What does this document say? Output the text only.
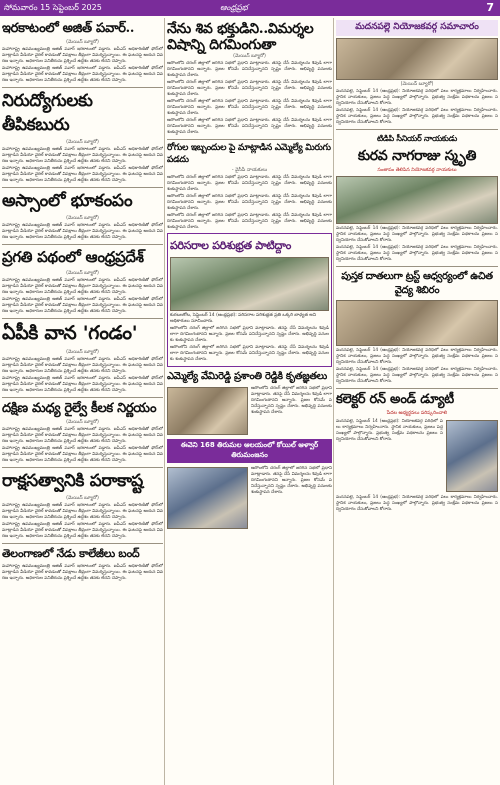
సోమవారం 15 సెప్టెంబర్ 2025	ఆంధ్రప్రభ	7
ఇరకాటంలో అజిత్ పవార్..
(మెయిన్ బ్యూరో)

మహారాష్ట్ర ఉపముఖ్యమంత్రి అజిత్ పవార్ ఇరకాటంలో పడ్డారు. ఐపీఎస్ అధికారిణితో ఫోన్‌లో మాట్లాడిన వీడియో వైరల్ కావడంతో విపక్షాలు తీవ్రంగా విమర్శిస్తున్నాయి. ఈ ఘటనపై ఆయన వివరణ ఇచ్చారు. అధికారుల పనితీరును ప్రశ్నించే ఉద్దేశం తనకు లేదని చెప్పారు.

మహారాష్ట్ర ఉపముఖ్యమంత్రి అజిత్ పవార్ ఇరకాటంలో పడ్డారు. ఐపీఎస్ అధికారిణితో ఫోన్‌లో మాట్లాడిన వీడియో వైరల్ కావడంతో విపక్షాలు తీవ్రంగా విమర్శిస్తున్నాయి. ఈ ఘటనపై ఆయన వివరణ ఇచ్చారు. అధికారుల పనితీరును ప్రశ్నించే ఉద్దేశం తనకు లేదని చెప్పారు.

నిరుద్యోగులకు తీపికబురు
(మెయిన్ బ్యూరో)

మహారాష్ట్ర ఉపముఖ్యమంత్రి అజిత్ పవార్ ఇరకాటంలో పడ్డారు. ఐపీఎస్ అధికారిణితో ఫోన్‌లో మాట్లాడిన వీడియో వైరల్ కావడంతో విపక్షాలు తీవ్రంగా విమర్శిస్తున్నాయి. ఈ ఘటనపై ఆయన వివరణ ఇచ్చారు. అధికారుల పనితీరును ప్రశ్నించే ఉద్దేశం తనకు లేదని చెప్పారు.

మహారాష్ట్ర ఉపముఖ్యమంత్రి అజిత్ పవార్ ఇరకాటంలో పడ్డారు. ఐపీఎస్ అధికారిణితో ఫోన్‌లో మాట్లాడిన వీడియో వైరల్ కావడంతో విపక్షాలు తీవ్రంగా విమర్శిస్తున్నాయి. ఈ ఘటనపై ఆయన వివరణ ఇచ్చారు. అధికారుల పనితీరును ప్రశ్నించే ఉద్దేశం తనకు లేదని చెప్పారు.

అస్సాంలో భూకంపం
(మెయిన్ బ్యూరో)

మహారాష్ట్ర ఉపముఖ్యమంత్రి అజిత్ పవార్ ఇరకాటంలో పడ్డారు. ఐపీఎస్ అధికారిణితో ఫోన్‌లో మాట్లాడిన వీడియో వైరల్ కావడంతో విపక్షాలు తీవ్రంగా విమర్శిస్తున్నాయి. ఈ ఘటనపై ఆయన వివరణ ఇచ్చారు. అధికారుల పనితీరును ప్రశ్నించే ఉద్దేశం తనకు లేదని చెప్పారు.

ప్రగతి పథంలో ఆంధ్రప్రదేశ్
(మెయిన్ బ్యూరో)

మహారాష్ట్ర ఉపముఖ్యమంత్రి అజిత్ పవార్ ఇరకాటంలో పడ్డారు. ఐపీఎస్ అధికారిణితో ఫోన్‌లో మాట్లాడిన వీడియో వైరల్ కావడంతో విపక్షాలు తీవ్రంగా విమర్శిస్తున్నాయి. ఈ ఘటనపై ఆయన వివరణ ఇచ్చారు. అధికారుల పనితీరును ప్రశ్నించే ఉద్దేశం తనకు లేదని చెప్పారు.

మహారాష్ట్ర ఉపముఖ్యమంత్రి అజిత్ పవార్ ఇరకాటంలో పడ్డారు. ఐపీఎస్ అధికారిణితో ఫోన్‌లో మాట్లాడిన వీడియో వైరల్ కావడంతో విపక్షాలు తీవ్రంగా విమర్శిస్తున్నాయి. ఈ ఘటనపై ఆయన వివరణ ఇచ్చారు. అధికారుల పనితీరును ప్రశ్నించే ఉద్దేశం తనకు లేదని చెప్పారు.

ఏపీకి వాన 'గండం'
(మెయిన్ బ్యూరో)

మహారాష్ట్ర ఉపముఖ్యమంత్రి అజిత్ పవార్ ఇరకాటంలో పడ్డారు. ఐపీఎస్ అధికారిణితో ఫోన్‌లో మాట్లాడిన వీడియో వైరల్ కావడంతో విపక్షాలు తీవ్రంగా విమర్శిస్తున్నాయి. ఈ ఘటనపై ఆయన వివరణ ఇచ్చారు. అధికారుల పనితీరును ప్రశ్నించే ఉద్దేశం తనకు లేదని చెప్పారు.

మహారాష్ట్ర ఉపముఖ్యమంత్రి అజిత్ పవార్ ఇరకాటంలో పడ్డారు. ఐపీఎస్ అధికారిణితో ఫోన్‌లో మాట్లాడిన వీడియో వైరల్ కావడంతో విపక్షాలు తీవ్రంగా విమర్శిస్తున్నాయి. ఈ ఘటనపై ఆయన వివరణ ఇచ్చారు. అధికారుల పనితీరును ప్రశ్నించే ఉద్దేశం తనకు లేదని చెప్పారు.

దక్షిణ మధ్య రైల్వే కీలక నిర్ణయం
(మెయిన్ బ్యూరో)

మహారాష్ట్ర ఉపముఖ్యమంత్రి అజిత్ పవార్ ఇరకాటంలో పడ్డారు. ఐపీఎస్ అధికారిణితో ఫోన్‌లో మాట్లాడిన వీడియో వైరల్ కావడంతో విపక్షాలు తీవ్రంగా విమర్శిస్తున్నాయి. ఈ ఘటనపై ఆయన వివరణ ఇచ్చారు. అధికారుల పనితీరును ప్రశ్నించే ఉద్దేశం తనకు లేదని చెప్పారు.

మహారాష్ట్ర ఉపముఖ్యమంత్రి అజిత్ పవార్ ఇరకాటంలో పడ్డారు. ఐపీఎస్ అధికారిణితో ఫోన్‌లో మాట్లాడిన వీడియో వైరల్ కావడంతో విపక్షాలు తీవ్రంగా విమర్శిస్తున్నాయి. ఈ ఘటనపై ఆయన వివరణ ఇచ్చారు. అధికారుల పనితీరును ప్రశ్నించే ఉద్దేశం తనకు లేదని చెప్పారు.

రాక్షసత్వానికి పరాకాష్ట
(మెయిన్ బ్యూరో)

మహారాష్ట్ర ఉపముఖ్యమంత్రి అజిత్ పవార్ ఇరకాటంలో పడ్డారు. ఐపీఎస్ అధికారిణితో ఫోన్‌లో మాట్లాడిన వీడియో వైరల్ కావడంతో విపక్షాలు తీవ్రంగా విమర్శిస్తున్నాయి. ఈ ఘటనపై ఆయన వివరణ ఇచ్చారు. అధికారుల పనితీరును ప్రశ్నించే ఉద్దేశం తనకు లేదని చెప్పారు.

మహారాష్ట్ర ఉపముఖ్యమంత్రి అజిత్ పవార్ ఇరకాటంలో పడ్డారు. ఐపీఎస్ అధికారిణితో ఫోన్‌లో మాట్లాడిన వీడియో వైరల్ కావడంతో విపక్షాలు తీవ్రంగా విమర్శిస్తున్నాయి. ఈ ఘటనపై ఆయన వివరణ ఇచ్చారు. అధికారుల పనితీరును ప్రశ్నించే ఉద్దేశం తనకు లేదని చెప్పారు.

తెలంగాణలో నేడు కాలేజీలు బంద్

మహారాష్ట్ర ఉపముఖ్యమంత్రి అజిత్ పవార్ ఇరకాటంలో పడ్డారు. ఐపీఎస్ అధికారిణితో ఫోన్‌లో మాట్లాడిన వీడియో వైరల్ కావడంతో విపక్షాలు తీవ్రంగా విమర్శిస్తున్నాయి. ఈ ఘటనపై ఆయన వివరణ ఇచ్చారు. అధికారుల పనితీరును ప్రశ్నించే ఉద్దేశం తనకు లేదని చెప్పారు.

నేను శివ భక్తుడిని..విమర్శల విషాన్ని దిగమింగుతా
(మెయిన్ బ్యూరో)

అసోంలోని దరంగ్ జిల్లాలో జరిగిన సభలో ప్రధాని మాట్లాడారు. తనపై చేసే విమర్శలను శివుడి లాగా దిగమింగుతానని అన్నారు. ప్రజల కోసమే పనిచేస్తున్నానని స్పష్టం చేశారు. అభివృద్ధి పనులకు శంకుస్థాపన చేశారు.

అసోంలోని దరంగ్ జిల్లాలో జరిగిన సభలో ప్రధాని మాట్లాడారు. తనపై చేసే విమర్శలను శివుడి లాగా దిగమింగుతానని అన్నారు. ప్రజల కోసమే పనిచేస్తున్నానని స్పష్టం చేశారు. అభివృద్ధి పనులకు శంకుస్థాపన చేశారు.

అసోంలోని దరంగ్ జిల్లాలో జరిగిన సభలో ప్రధాని మాట్లాడారు. తనపై చేసే విమర్శలను శివుడి లాగా దిగమింగుతానని అన్నారు. ప్రజల కోసమే పనిచేస్తున్నానని స్పష్టం చేశారు. అభివృద్ధి పనులకు శంకుస్థాపన చేశారు.

అసోంలోని దరంగ్ జిల్లాలో జరిగిన సభలో ప్రధాని మాట్లాడారు. తనపై చేసే విమర్శలను శివుడి లాగా దిగమింగుతానని అన్నారు. ప్రజల కోసమే పనిచేస్తున్నానని స్పష్టం చేశారు. అభివృద్ధి పనులకు శంకుస్థాపన చేశారు.

రోగుల ఇబ్బందుల పై మాట్లాడిన ఎమ్మెల్యే మిరుగు పడదు
- వైసీపీ నాయకులు

అసోంలోని దరంగ్ జిల్లాలో జరిగిన సభలో ప్రధాని మాట్లాడారు. తనపై చేసే విమర్శలను శివుడి లాగా దిగమింగుతానని అన్నారు. ప్రజల కోసమే పనిచేస్తున్నానని స్పష్టం చేశారు. అభివృద్ధి పనులకు శంకుస్థాపన చేశారు.

అసోంలోని దరంగ్ జిల్లాలో జరిగిన సభలో ప్రధాని మాట్లాడారు. తనపై చేసే విమర్శలను శివుడి లాగా దిగమింగుతానని అన్నారు. ప్రజల కోసమే పనిచేస్తున్నానని స్పష్టం చేశారు. అభివృద్ధి పనులకు శంకుస్థాపన చేశారు.

అసోంలోని దరంగ్ జిల్లాలో జరిగిన సభలో ప్రధాని మాట్లాడారు. తనపై చేసే విమర్శలను శివుడి లాగా దిగమింగుతానని అన్నారు. ప్రజల కోసమే పనిచేస్తున్నానని స్పష్టం చేశారు. అభివృద్ధి పనులకు శంకుస్థాపన చేశారు.

పరిసరాల పరిశుభ్రత పాటిద్దాం
కురబలకోట, సెప్టెంబర్ 14 (ఆంధ్రప్రభ): పరిసరాల పరిశుభ్రత ప్రతి ఒక్కరి బాధ్యత అని అధికారులు సూచించారు.

అసోంలోని దరంగ్ జిల్లాలో జరిగిన సభలో ప్రధాని మాట్లాడారు. తనపై చేసే విమర్శలను శివుడి లాగా దిగమింగుతానని అన్నారు. ప్రజల కోసమే పనిచేస్తున్నానని స్పష్టం చేశారు. అభివృద్ధి పనులకు శంకుస్థాపన చేశారు.

అసోంలోని దరంగ్ జిల్లాలో జరిగిన సభలో ప్రధాని మాట్లాడారు. తనపై చేసే విమర్శలను శివుడి లాగా దిగమింగుతానని అన్నారు. ప్రజల కోసమే పనిచేస్తున్నానని స్పష్టం చేశారు. అభివృద్ధి పనులకు శంకుస్థాపన చేశారు.

ఎమ్మెల్యే వేమిరెడ్డి ప్రశాంతి రెడ్డికి కృతజ్ఞతలు

అసోంలోని దరంగ్ జిల్లాలో జరిగిన సభలో ప్రధాని మాట్లాడారు. తనపై చేసే విమర్శలను శివుడి లాగా దిగమింగుతానని అన్నారు. ప్రజల కోసమే పనిచేస్తున్నానని స్పష్టం చేశారు. అభివృద్ధి పనులకు శంకుస్థాపన చేశారు.

ఈవెని 168 తిరుమల ఆలయంలో కోయిల్ ఆళ్వార్ తిరుమంజనం

అసోంలోని దరంగ్ జిల్లాలో జరిగిన సభలో ప్రధాని మాట్లాడారు. తనపై చేసే విమర్శలను శివుడి లాగా దిగమింగుతానని అన్నారు. ప్రజల కోసమే పనిచేస్తున్నానని స్పష్టం చేశారు. అభివృద్ధి పనులకు శంకుస్థాపన చేశారు.

మదనపల్లె నియోజకవర్గ సమాచారం
(మెయిన్ బ్యూరో)

మదనపల్లె, సెప్టెంబర్ 14 (ఆంధ్రప్రభ): నియోజకవర్గ పరిధిలో పలు కార్యక్రమాలు నిర్వహించారు. స్థానిక నాయకులు, ప్రజలు పెద్ద సంఖ్యలో పాల్గొన్నారు. ప్రభుత్వ సంక్షేమ పథకాలను ప్రజలు సద్వినియోగం చేసుకోవాలని కోరారు.

మదనపల్లె, సెప్టెంబర్ 14 (ఆంధ్రప్రభ): నియోజకవర్గ పరిధిలో పలు కార్యక్రమాలు నిర్వహించారు. స్థానిక నాయకులు, ప్రజలు పెద్ద సంఖ్యలో పాల్గొన్నారు. ప్రభుత్వ సంక్షేమ పథకాలను ప్రజలు సద్వినియోగం చేసుకోవాలని కోరారు.

టిడిపి సీనియర్ నాయకుడు
కురవ నాగరాజు స్మృతి
సంతాపం తెలిపిన నియోజకవర్గ నాయకులు

మదనపల్లె, సెప్టెంబర్ 14 (ఆంధ్రప్రభ): నియోజకవర్గ పరిధిలో పలు కార్యక్రమాలు నిర్వహించారు. స్థానిక నాయకులు, ప్రజలు పెద్ద సంఖ్యలో పాల్గొన్నారు. ప్రభుత్వ సంక్షేమ పథకాలను ప్రజలు సద్వినియోగం చేసుకోవాలని కోరారు.

మదనపల్లె, సెప్టెంబర్ 14 (ఆంధ్రప్రభ): నియోజకవర్గ పరిధిలో పలు కార్యక్రమాలు నిర్వహించారు. స్థానిక నాయకులు, ప్రజలు పెద్ద సంఖ్యలో పాల్గొన్నారు. ప్రభుత్వ సంక్షేమ పథకాలను ప్రజలు సద్వినియోగం చేసుకోవాలని కోరారు.

పుస్తక దాతలుగా ట్రస్ట్ ఆధ్వర్యంలో ఉచిత వైద్య శిబిరం

మదనపల్లె, సెప్టెంబర్ 14 (ఆంధ్రప్రభ): నియోజకవర్గ పరిధిలో పలు కార్యక్రమాలు నిర్వహించారు. స్థానిక నాయకులు, ప్రజలు పెద్ద సంఖ్యలో పాల్గొన్నారు. ప్రభుత్వ సంక్షేమ పథకాలను ప్రజలు సద్వినియోగం చేసుకోవాలని కోరారు.

మదనపల్లె, సెప్టెంబర్ 14 (ఆంధ్రప్రభ): నియోజకవర్గ పరిధిలో పలు కార్యక్రమాలు నిర్వహించారు. స్థానిక నాయకులు, ప్రజలు పెద్ద సంఖ్యలో పాల్గొన్నారు. ప్రభుత్వ సంక్షేమ పథకాలను ప్రజలు సద్వినియోగం చేసుకోవాలని కోరారు.

కలెక్టర్ రన్ అండ్ డ్యూటీ
పేదల అభ్యర్థనలు పరిష్కరించాలి

మదనపల్లె, సెప్టెంబర్ 14 (ఆంధ్రప్రభ): నియోజకవర్గ పరిధిలో పలు కార్యక్రమాలు నిర్వహించారు. స్థానిక నాయకులు, ప్రజలు పెద్ద సంఖ్యలో పాల్గొన్నారు. ప్రభుత్వ సంక్షేమ పథకాలను ప్రజలు సద్వినియోగం చేసుకోవాలని కోరారు.

మదనపల్లె, సెప్టెంబర్ 14 (ఆంధ్రప్రభ): నియోజకవర్గ పరిధిలో పలు కార్యక్రమాలు నిర్వహించారు. స్థానిక నాయకులు, ప్రజలు పెద్ద సంఖ్యలో పాల్గొన్నారు. ప్రభుత్వ సంక్షేమ పథకాలను ప్రజలు సద్వినియోగం చేసుకోవాలని కోరారు.
